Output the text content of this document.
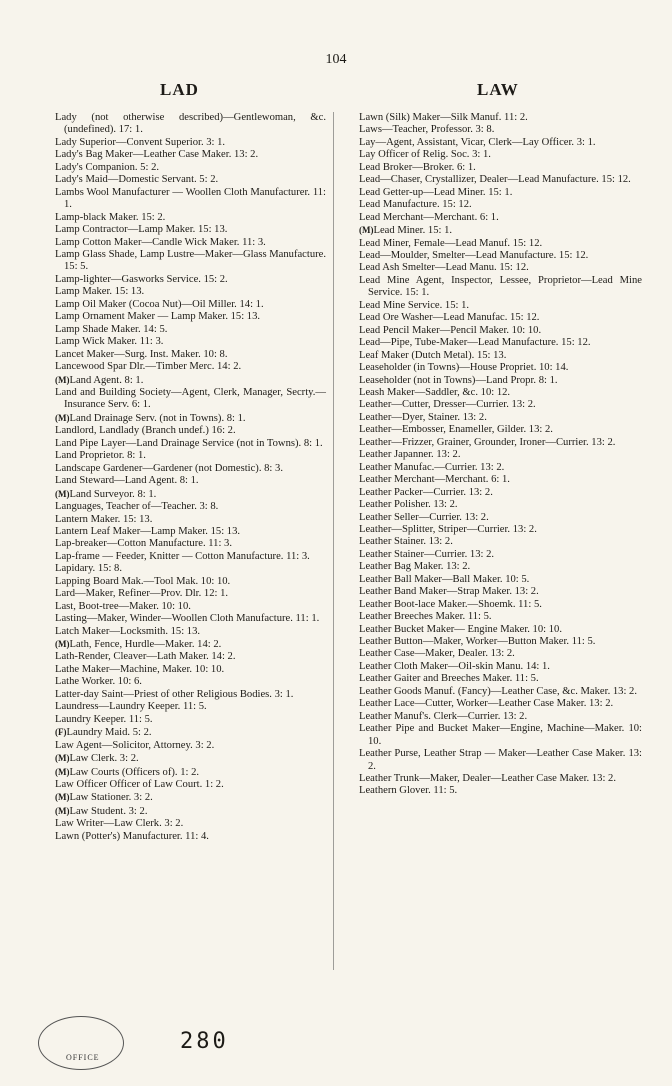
104
LAD	LAW
Lady (not otherwise described)—Gentlewoman, &c. (undefined). 17: 1.
Lady Superior—Convent Superior. 3: 1.
Lady's Bag Maker—Leather Case Maker. 13: 2.
Lady's Companion. 5: 2.
Lady's Maid—Domestic Servant. 5: 2.
Lambs Wool Manufacturer — Woollen Cloth Manufacturer. 11: 1.
Lamp-black Maker. 15: 2.
Lamp Contractor—Lamp Maker. 15: 13.
Lamp Cotton Maker—Candle Wick Maker. 11: 3.
Lamp Glass Shade, Lamp Lustre—Maker—Glass Manufacture. 15: 5.
Lamp-lighter—Gasworks Service. 15: 2.
Lamp Maker. 15: 13.
Lamp Oil Maker (Cocoa Nut)—Oil Miller. 14: 1.
Lamp Ornament Maker — Lamp Maker. 15: 13.
Lamp Shade Maker. 14: 5.
Lamp Wick Maker. 11: 3.
Lancet Maker—Surg. Inst. Maker. 10: 8.
Lancewood Spar Dlr.—Timber Merc. 14: 2.
(M)Land Agent. 8: 1.
Land and Building Society—Agent, Clerk, Manager, Secrty.—Insurance Serv. 6: 1.
(M)Land Drainage Serv. (not in Towns). 8: 1.
Landlord, Landlady (Branch undef.) 16: 2.
Land Pipe Layer—Land Drainage Service (not in Towns). 8: 1.
Land Proprietor. 8: 1.
Landscape Gardener—Gardener (not Domestic). 8: 3.
Land Steward—Land Agent. 8: 1.
(M)Land Surveyor. 8: 1.
Languages, Teacher of—Teacher. 3: 8.
Lantern Maker. 15: 13.
Lantern Leaf Maker—Lamp Maker. 15: 13.
Lap-breaker—Cotton Manufacture. 11: 3.
Lap-frame — Feeder, Knitter — Cotton Manufacture. 11: 3.
Lapidary. 15: 8.
Lapping Board Mak.—Tool Mak. 10: 10.
Lard—Maker, Refiner—Prov. Dlr. 12: 1.
Last, Boot-tree—Maker. 10: 10.
Lasting—Maker, Winder—Woollen Cloth Manufacture. 11: 1.
Latch Maker—Locksmith. 15: 13.
(M)Lath, Fence, Hurdle—Maker. 14: 2.
Lath-Render, Cleaver—Lath Maker. 14: 2.
Lathe Maker—Machine, Maker. 10: 10.
Lathe Worker. 10: 6.
Latter-day Saint—Priest of other Religious Bodies. 3: 1.
Laundress—Laundry Keeper. 11: 5.
Laundry Keeper. 11: 5.
(F)Laundry Maid. 5: 2.
Law Agent—Solicitor, Attorney. 3: 2.
(M)Law Clerk. 3: 2.
(M)Law Courts (Officers of). 1: 2.
Law Officer Officer of Law Court. 1: 2.
(M)Law Stationer. 3: 2.
(M)Law Student. 3: 2.
Law Writer—Law Clerk. 3: 2.
Lawn (Potter's) Manufacturer. 11: 4.
Lawn (Silk) Maker—Silk Manuf. 11: 2.
Laws—Teacher, Professor. 3: 8.
Lay—Agent, Assistant, Vicar, Clerk—Lay Officer. 3: 1.
Lay Officer of Relig. Soc. 3: 1.
Lead Broker—Broker. 6: 1.
Lead—Chaser, Crystallizer, Dealer—Lead Manufacture. 15: 12.
Lead Getter-up—Lead Miner. 15: 1.
Lead Manufacture. 15: 12.
Lead Merchant—Merchant. 6: 1.
(M)Lead Miner. 15: 1.
Lead Miner, Female—Lead Manuf. 15: 12.
Lead—Moulder, Smelter—Lead Manufacture. 15: 12.
Lead Ash Smelter—Lead Manu. 15: 12.
Lead Mine Agent, Inspector, Lessee, Proprietor—Lead Mine Service. 15: 1.
Lead Mine Service. 15: 1.
Lead Ore Washer—Lead Manufac. 15: 12.
Lead Pencil Maker—Pencil Maker. 10: 10.
Lead—Pipe, Tube-Maker—Lead Manufacture. 15: 12.
Leaf Maker (Dutch Metal). 15: 13.
Leaseholder (in Towns)—House Propriet. 10: 14.
Leaseholder (not in Towns)—Land Propr. 8: 1.
Leash Maker—Saddler, &c. 10: 12.
Leather—Cutter, Dresser—Currier. 13: 2.
Leather—Dyer, Stainer. 13: 2.
Leather—Embosser, Enameller, Gilder. 13: 2.
Leather—Frizzer, Grainer, Grounder, Ironer—Currier. 13: 2.
Leather Japanner. 13: 2.
Leather Manufac.—Currier. 13: 2.
Leather Merchant—Merchant. 6: 1.
Leather Packer—Currier. 13: 2.
Leather Polisher. 13: 2.
Leather Seller—Currier. 13: 2.
Leather—Splitter, Striper—Currier. 13: 2.
Leather Stainer. 13: 2.
Leather Stainer—Currier. 13: 2.
Leather Bag Maker. 13: 2.
Leather Ball Maker—Ball Maker. 10: 5.
Leather Band Maker—Strap Maker. 13: 2.
Leather Boot-lace Maker.—Shoemk. 11: 5.
Leather Breeches Maker. 11: 5.
Leather Bucket Maker— Engine Maker. 10: 10.
Leather Button—Maker, Worker—Button Maker. 11: 5.
Leather Case—Maker, Dealer. 13: 2.
Leather Cloth Maker—Oil-skin Manu. 14: 1.
Leather Gaiter and Breeches Maker. 11: 5.
Leather Goods Manuf. (Fancy)—Leather Case, &c. Maker. 13: 2.
Leather Lace—Cutter, Worker—Leather Case Maker. 13: 2.
Leather Manuf's. Clerk—Currier. 13: 2.
Leather Pipe and Bucket Maker—Engine, Machine—Maker. 10: 10.
Leather Purse, Leather Strap — Maker—Leather Case Maker. 13: 2.
Leather Trunk—Maker, Dealer—Leather Case Maker. 13: 2.
Leathern Glover. 11: 5.
OFFICE
280
